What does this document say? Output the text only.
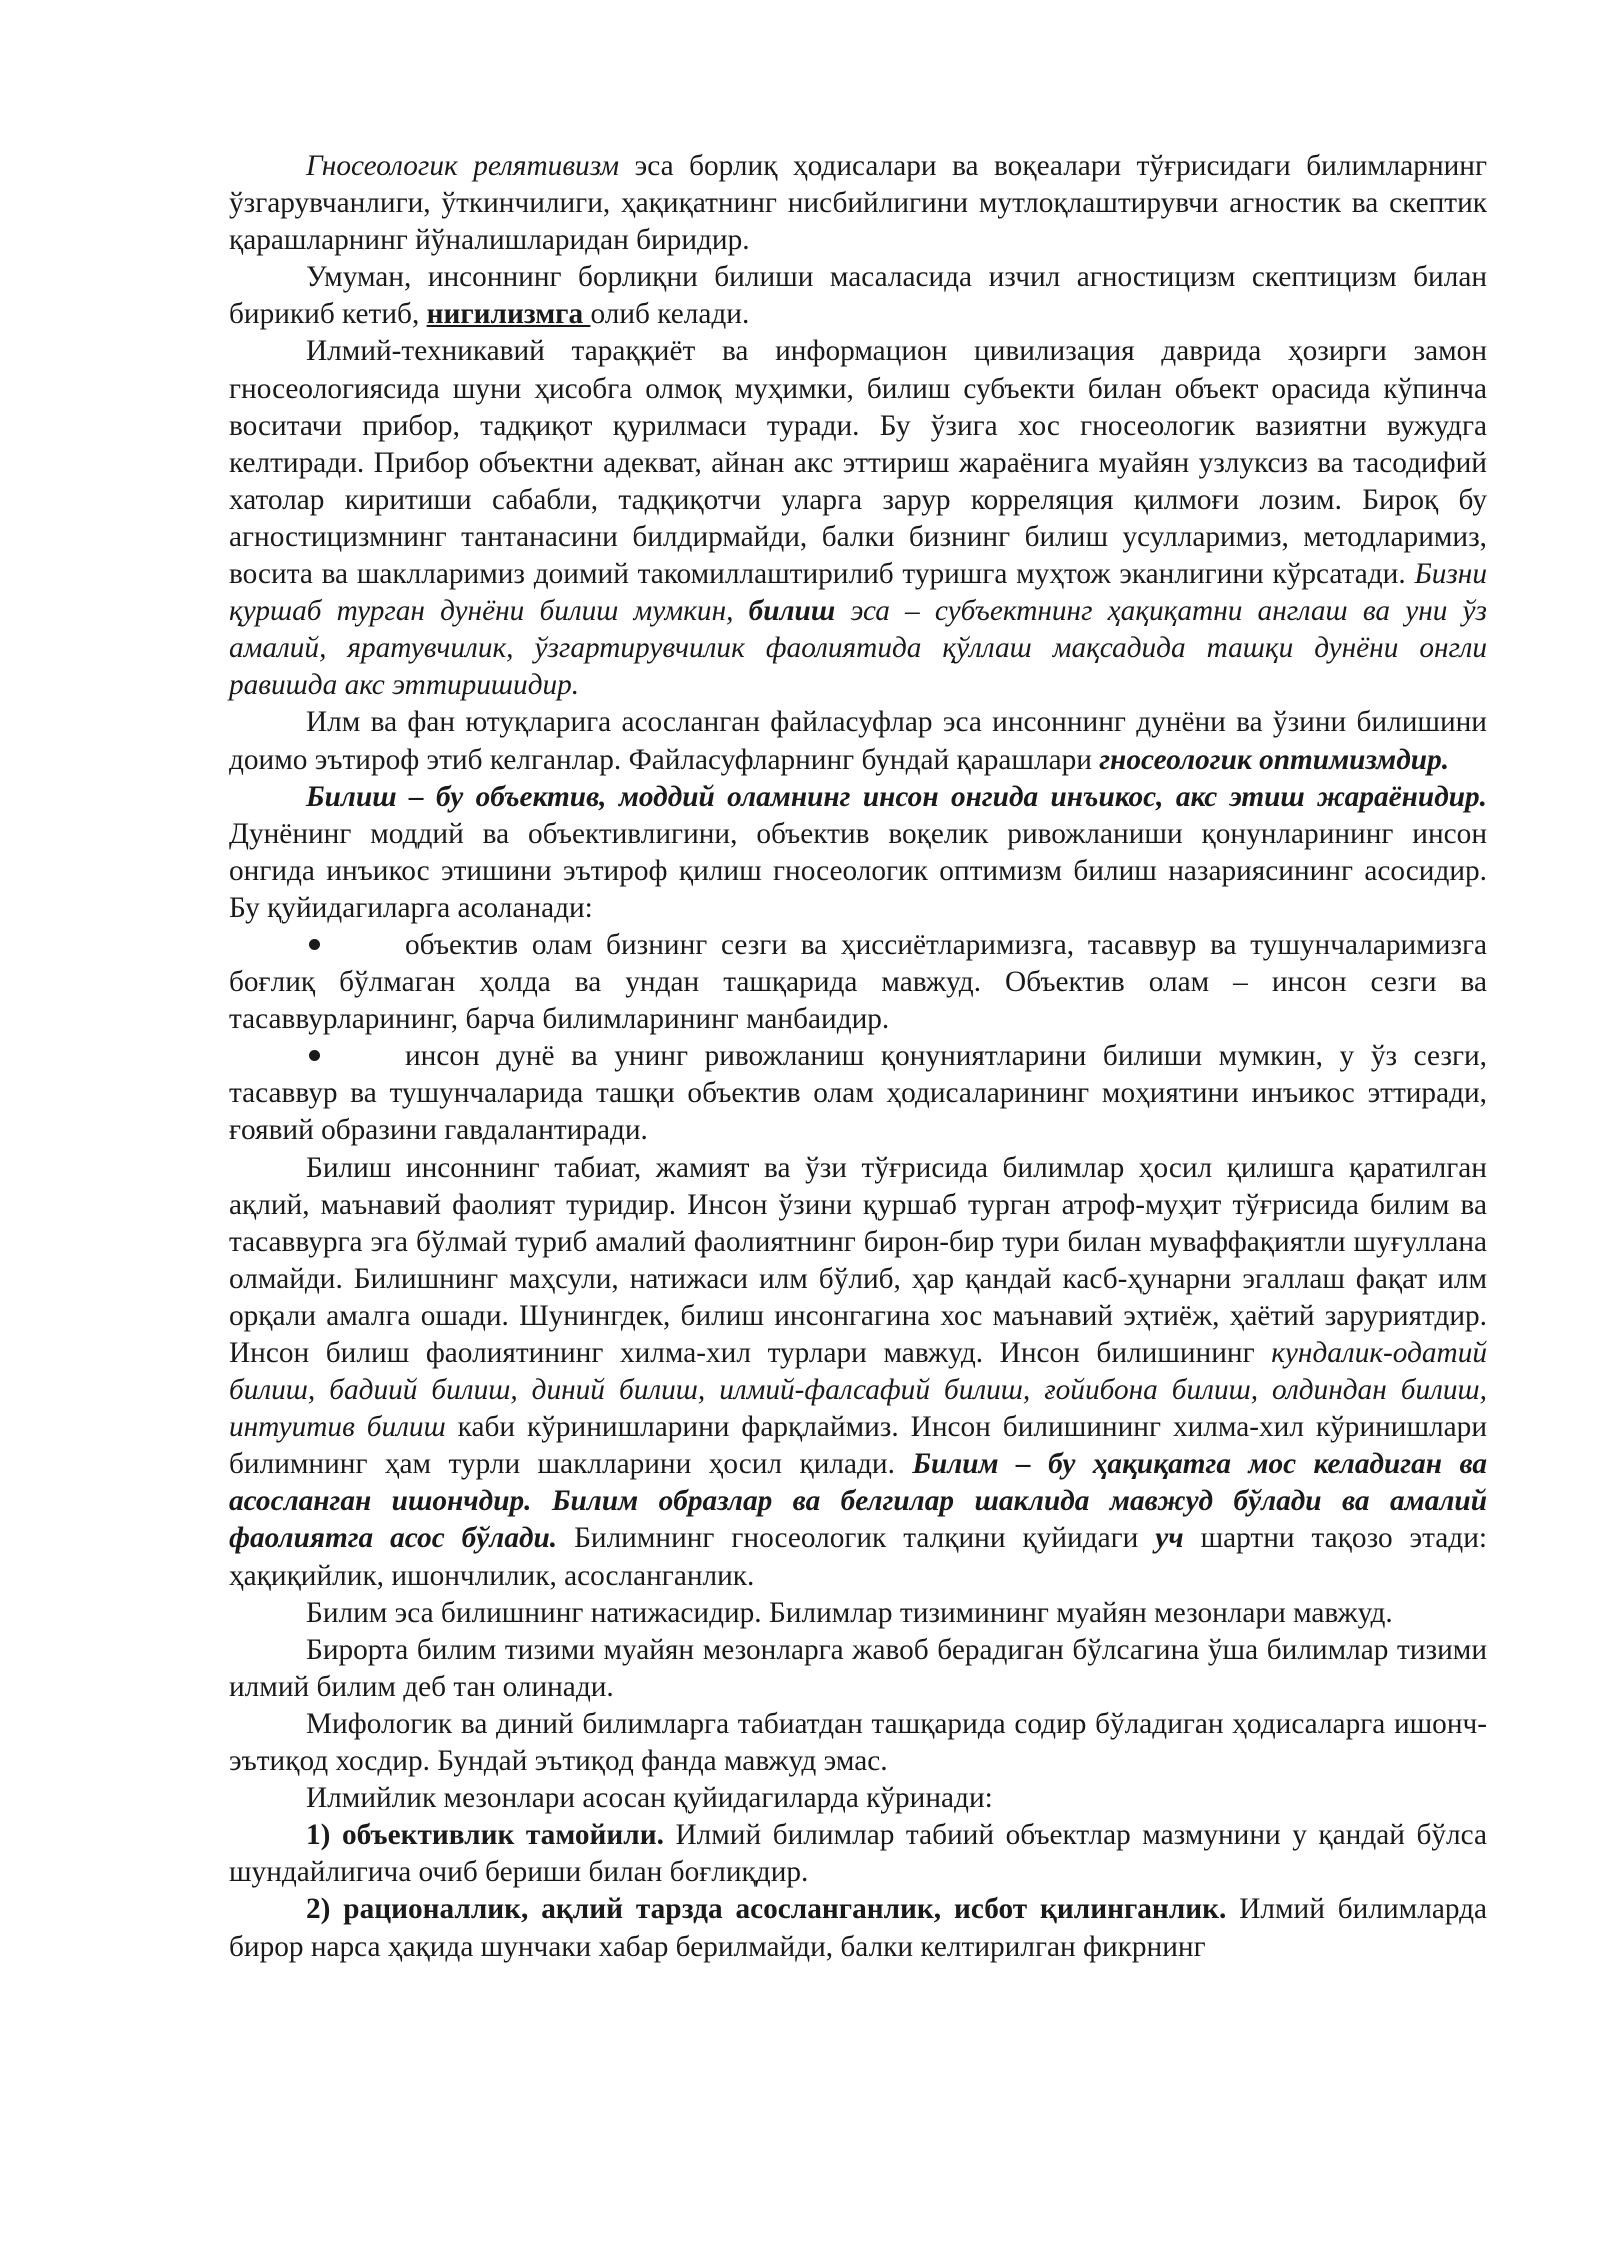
Гносеологик релятивизм эса борлиқ ҳодисалари ва воқеалари тўғрисидаги билимларнинг ўзгарувчанлиги, ўткинчилиги, ҳақиқатнинг нисбийлигини мутлоқлаштирувчи агностик ва скептик қарашларнинг йўналишларидан биридир.

Умуман, инсоннинг борлиқни билиши масаласида изчил агностицизм скептицизм билан бирикиб кетиб, нигилизмга олиб келади.

Илмий-техникавий тараққиёт ва информацион цивилизация даврида ҳозирги замон гносеологиясида шуни ҳисобга олмоқ муҳимки, билиш субъекти билан объект орасида кўпинча воситачи прибор, тадқиқот қурилмаси туради. Бу ўзига хос гносеологик вазиятни вужудга келтиради. Прибор объектни адекват, айнан акс эттириш жараёнига муайян узлуксиз ва тасодифий хатолар киритиши сабабли, тадқиқотчи уларга зарур корреляция қилмоғи лозим. Бироқ бу агностицизмнинг тантанасини билдирмайди, балки бизнинг билиш усулларимиз, методларимиз, восита ва шаклларимиз доимий такомиллаштирилиб туришга муҳтож эканлигини кўрсатади. Бизни қуршаб турган дунёни билиш мумкин, билиш эса – субъектнинг ҳақиқатни англаш ва уни ўз амалий, яратувчилик, ўзгартирувчилик фаолиятида қўллаш мақсадида ташқи дунёни онгли равишда акс эттиришидир.

Илм ва фан ютуқларига асосланган файласуфлар эса инсоннинг дунёни ва ўзини билишини доимо эътироф этиб келганлар. Файласуфларнинг бундай қарашлари гносеологик оптимизмдир.

Билиш – бу объектив, моддий оламнинг инсон онгида инъикос, акс этиш жараёнидир. Дунёнинг моддий ва объективлигини, объектив воқелик ривожланиши қонунларининг инсон онгида инъикос этишини эътироф қилиш гносеологик оптимизм билиш назариясининг асосидир. Бу қуйидагиларга асоланади:

объектив олам бизнинг сезги ва ҳиссиётларимизга, тасаввур ва тушунчаларимизга боғлиқ бўлмаган ҳолда ва ундан ташқарида мавжуд. Объектив олам – инсон сезги ва тасаввурларининг, барча билимларининг манбаидир.

инсон дунё ва унинг ривожланиш қонуниятларини билиши мумкин, у ўз сезги, тасаввур ва тушунчаларида ташқи объектив олам ҳодисаларининг моҳиятини инъикос эттиради, ғоявий образини гавдалантиради.

Билиш инсоннинг табиат, жамият ва ўзи тўғрисида билимлар ҳосил қилишга қаратилган ақлий, маънавий фаолият туридир. Инсон ўзини қуршаб турган атроф-муҳит тўғрисида билим ва тасаввурга эга бўлмай туриб амалий фаолиятнинг бирон-бир тури билан муваффақиятли шуғуллана олмайди. Билишнинг маҳсули, натижаси илм бўлиб, ҳар қандай касб-ҳунарни эгаллаш фақат илм орқали амалга ошади. Шунингдек, билиш инсонгагина хос маънавий эҳтиёж, ҳаётий заруриятдир. Инсон билиш фаолиятининг хилма-хил турлари мавжуд. Инсон билишининг кундалик-одатий билиш, бадиий билиш, диний билиш, илмий-фалсафий билиш, ғойибона билиш, олдиндан билиш, интуитив билиш каби кўринишларини фарқлаймиз. Инсон билишининг хилма-хил кўринишлари билимнинг ҳам турли шаклларини ҳосил қилади. Билим – бу ҳақиқатга мос келадиган ва асосланган ишончдир. Билим образлар ва белгилар шаклида мавжуд бўлади ва амалий фаолиятга асос бўлади. Билимнинг гносеологик талқини қуйидаги уч шартни тақозо этади: ҳақиқийлик, ишончлилик, асосланганлик.

Билим эса билишнинг натижасидир. Билимлар тизимининг муайян мезонлари мавжуд.

Бирорта билим тизими муайян мезонларга жавоб берадиган бўлсагина ўша билимлар тизими илмий билим деб тан олинади.

Мифологик ва диний билимларга табиатдан ташқарида содир бўладиган ҳодисаларга ишонч-эътиқод хосдир. Бундай эътиқод фанда мавжуд эмас.

Илмийлик мезонлари асосан қуйидагиларда кўринади:

1) объективлик тамойили. Илмий билимлар табиий объектлар мазмунини у қандай бўлса шундайлигича очиб бериши билан боғлиқдир.

2) рационаллик, ақлий тарзда асосланганлик, исбот қилинганлик. Илмий билимларда бирор нарса ҳақида шунчаки хабар берилмайди, балки келтирилган фикрнинг
